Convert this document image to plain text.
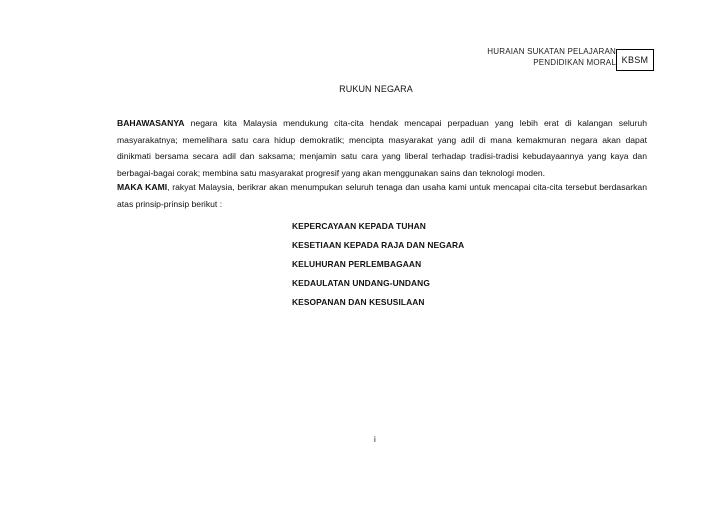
HURAIAN SUKATAN PELAJARAN
PENDIDIKAN MORAL KBSM
RUKUN NEGARA

BAHAWASANYA negara kita Malaysia mendukung cita-cita hendak mencapai perpaduan yang lebih erat di kalangan seluruh masyarakatnya; memelihara satu cara hidup demokratik; mencipta masyarakat yang adil di mana kemakmuran negara akan dapat dinikmati bersama secara adil dan saksama; menjamin satu cara yang liberal terhadap tradisi-tradisi kebudayaannya yang kaya dan berbagai-bagai corak; membina satu masyarakat progresif yang akan menggunakan sains dan teknologi moden.

MAKA KAMI, rakyat Malaysia, berikrar akan menumpukan seluruh tenaga dan usaha kami untuk mencapai cita-cita tersebut berdasarkan atas prinsip-prinsip berikut :

KEPERCAYAAN KEPADA TUHAN
KESETIAAN KEPADA RAJA DAN NEGARA
KELUHURAN PERLEMBAGAAN
KEDAULATAN UNDANG-UNDANG
KESOPANAN DAN KESUSILAAN
i
